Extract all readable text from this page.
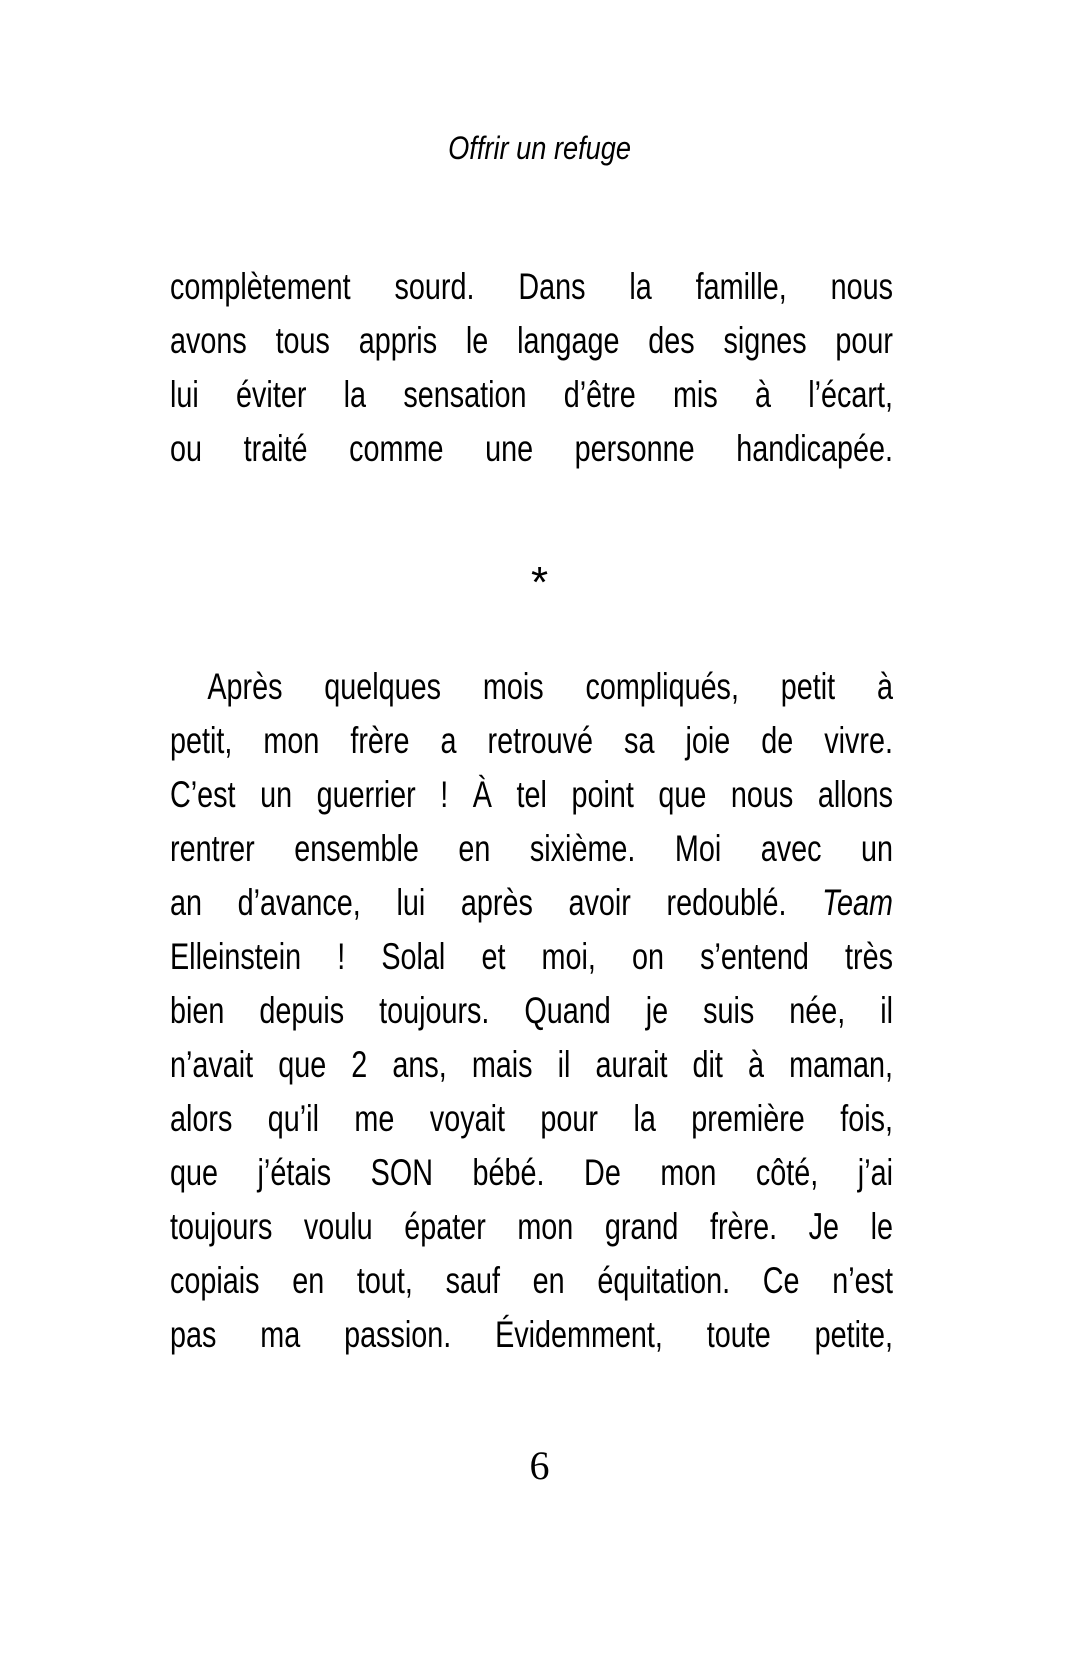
Offrir un refuge
complètement sourd. Dans la famille, nous
avons tous appris le langage des signes pour
lui éviter la sensation d’être mis à l’écart,
ou traité comme une personne handicapée.
*
Après quelques mois compliqués, petit à
petit, mon frère a retrouvé sa joie de vivre.
C’est un guerrier ! À tel point que nous allons
rentrer ensemble en sixième. Moi avec un
an d’avance, lui après avoir redoublé. Team
Elleinstein ! Solal et moi, on s’entend très
bien depuis toujours. Quand je suis née, il
n’avait que 2 ans, mais il aurait dit à maman,
alors qu’il me voyait pour la première fois,
que j’étais SON bébé. De mon côté, j’ai
toujours voulu épater mon grand frère. Je le
copiais en tout, sauf en équitation. Ce n’est
pas ma passion. Évidemment, toute petite,
6
